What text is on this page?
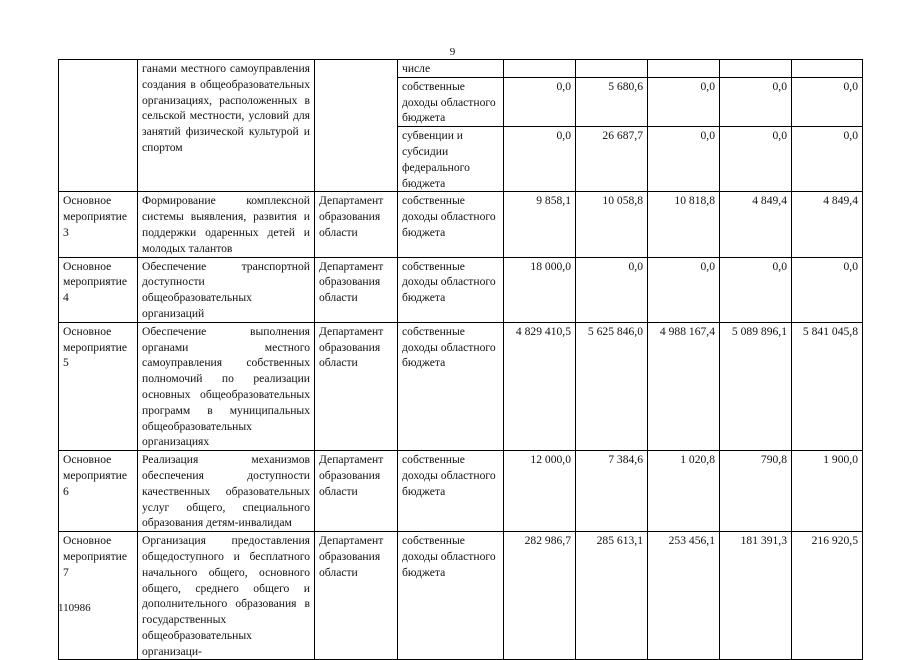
9
	ганами местного самоуправления создания в общеобразовательных организациях, расположенных в сельской местности, условий для занятий физической культурой и спортом		числе					
			собственные доходы областного бюджета	0,0	5 680,6	0,0	0,0	0,0
			субвенции и субсидии федерального бюджета	0,0	26 687,7	0,0	0,0	0,0
Основное мероприятие 3	Формирование комплексной системы выявления, развития и поддержки одаренных детей и молодых талантов	Департамент образования области	собственные доходы областного бюджета	9 858,1	10 058,8	10 818,8	4 849,4	4 849,4
Основное мероприятие 4	Обеспечение транспортной доступности общеобразовательных организаций	Департамент образования области	собственные доходы областного бюджета	18 000,0	0,0	0,0	0,0	0,0
Основное мероприятие 5	Обеспечение выполнения органами местного самоуправления собственных полномочий по реализации основных общеобразовательных программ в муниципальных общеобразовательных организациях	Департамент образования области	собственные доходы областного бюджета	4 829 410,5	5 625 846,0	4 988 167,4	5 089 896,1	5 841 045,8
Основное мероприятие 6	Реализация механизмов обеспечения доступности качественных образовательных услуг общего, специального образования детям-инвалидам	Департамент образования области	собственные доходы областного бюджета	12 000,0	7 384,6	1 020,8	790,8	1 900,0
Основное мероприятие 7	Организация предоставления общедоступного и бесплатного начального общего, основного общего, среднего общего и дополнительного образования в государственных общеобразовательных организаци-	Департамент образования области	собственные доходы областного бюджета	282 986,7	285 613,1	253 456,1	181 391,3	216 920,5
110986
